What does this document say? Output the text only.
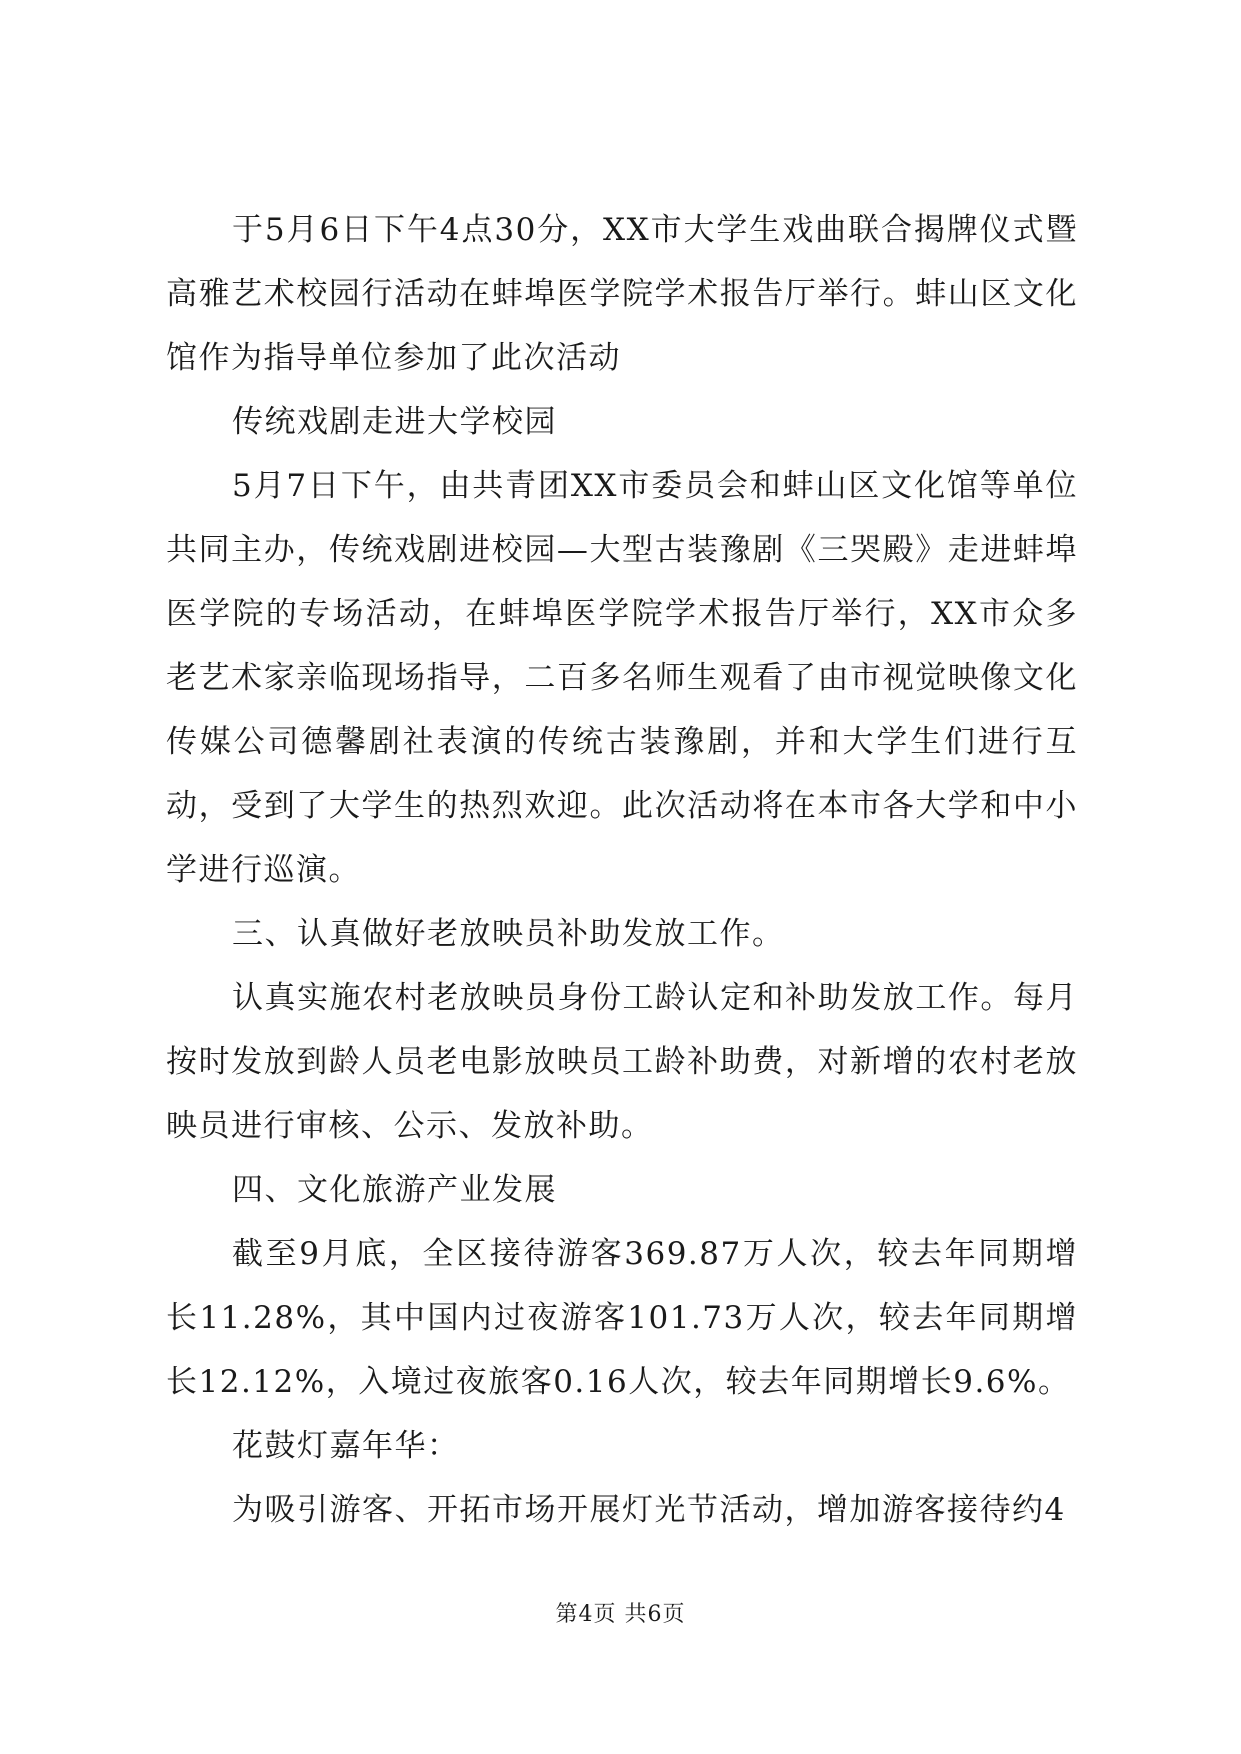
于5月6日下午4点30分，XX市大学生戏曲联合揭牌仪式暨高雅艺术校园行活动在蚌埠医学院学术报告厅举行。蚌山区文化馆作为指导单位参加了此次活动

传统戏剧走进大学校园

5月7日下午，由共青团XX市委员会和蚌山区文化馆等单位共同主办，传统戏剧进校园—大型古装豫剧《三哭殿》走进蚌埠医学院的专场活动，在蚌埠医学院学术报告厅举行，XX市众多老艺术家亲临现场指导，二百多名师生观看了由市视觉映像文化传媒公司德馨剧社表演的传统古装豫剧，并和大学生们进行互动，受到了大学生的热烈欢迎。此次活动将在本市各大学和中小学进行巡演。

三、认真做好老放映员补助发放工作。

认真实施农村老放映员身份工龄认定和补助发放工作。每月按时发放到龄人员老电影放映员工龄补助费，对新增的农村老放映员进行审核、公示、发放补助。

四、文化旅游产业发展

截至9月底，全区接待游客369.87万人次，较去年同期增长11.28%，其中国内过夜游客101.73万人次，较去年同期增长12.12%，入境过夜旅客0.16人次，较去年同期增长9.6%。

花鼓灯嘉年华：

为吸引游客、开拓市场开展灯光节活动，增加游客接待约4

第4页 共6页
